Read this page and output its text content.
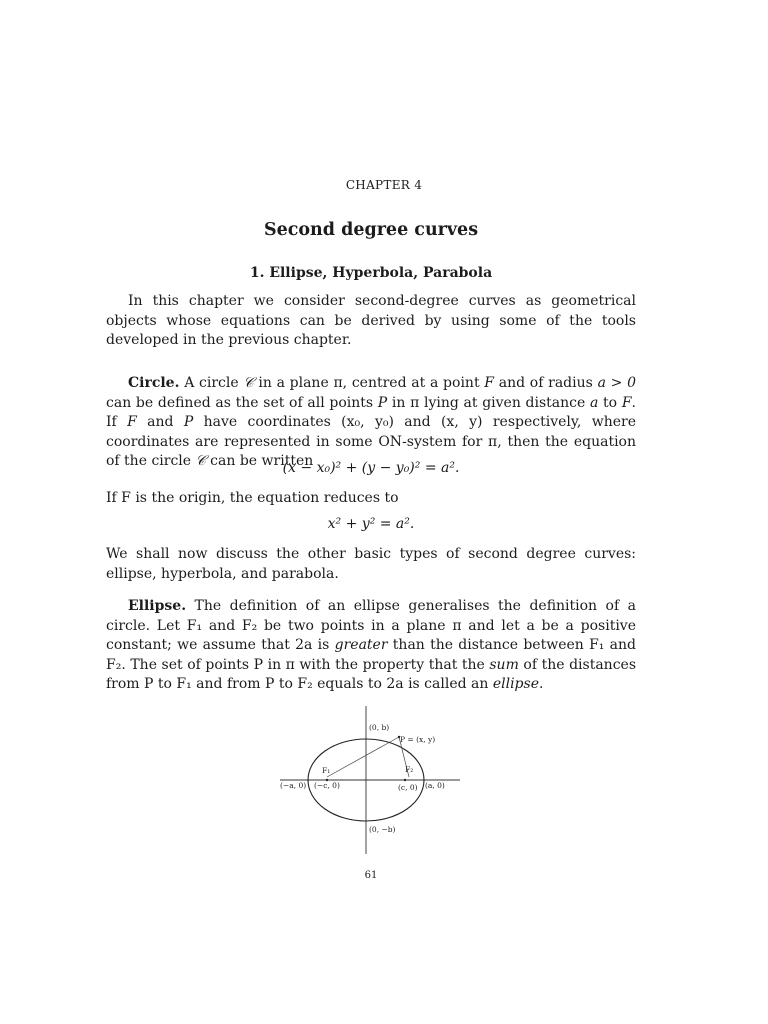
CHAPTER 4
Second degree curves
1. Ellipse, Hyperbola, Parabola

In this chapter we consider second-degree curves as geometrical objects whose equations can be derived by using some of the tools developed in the previous chapter.

Circle. A circle 𝒞 in a plane π, centred at a point F and of radius a > 0 can be defined as the set of all points P in π lying at given distance a to F. If F and P have coordinates (x₀, y₀) and (x, y) respectively, where coordinates are represented in some ON-system for π, then the equation of the circle 𝒞 can be written

(x − x₀)² + (y − y₀)² = a².

If F is the origin, the equation reduces to

x² + y² = a².

We shall now discuss the other basic types of second degree curves: ellipse, hyperbola, and parabola.

Ellipse. The definition of an ellipse generalises the definition of a circle. Let F₁ and F₂ be two points in a plane π and let a be a positive constant; we assume that 2a is greater than the distance between F₁ and F₂. The set of points P in π with the property that the sum of the distances from P to F₁ and from P to F₂ equals to 2a is called an ellipse.

(0, b)
(0, −b)
P = (x, y)
F₁	F₂
(−a, 0) (−c, 0)	(c, 0) (a, 0)
61
